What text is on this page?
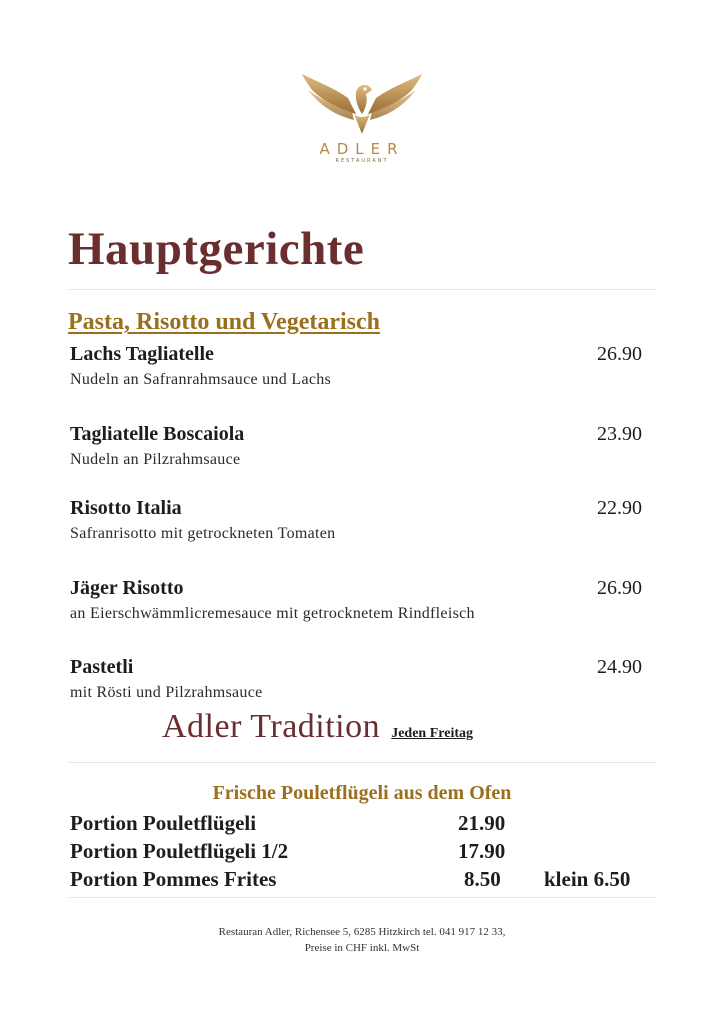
ADLER
RESTAURANT
Hauptgerichte
Pasta, Risotto und Vegetarisch
Lachs Tagliatelle	26.90
Nudeln an Safranrahmsauce und Lachs
Tagliatelle Boscaiola	23.90
Nudeln an Pilzrahmsauce
Risotto Italia	22.90
Safranrisotto mit getrockneten Tomaten
Jäger Risotto	26.90
an Eierschwämmlicremesauce mit getrocknetem Rindfleisch
Pastetli	24.90
mit Rösti und Pilzrahmsauce
Adler Tradition Jeden Freitag
Frische Pouletflügeli aus dem Ofen
Portion Pouletflügeli	21.90
Portion Pouletflügeli 1/2	17.90
Portion Pommes Frites	8.50 klein 6.50
Restauran Adler, Richensee 5, 6285 Hitzkirch tel. 041 917 12 33,
Preise in CHF inkl. MwSt
